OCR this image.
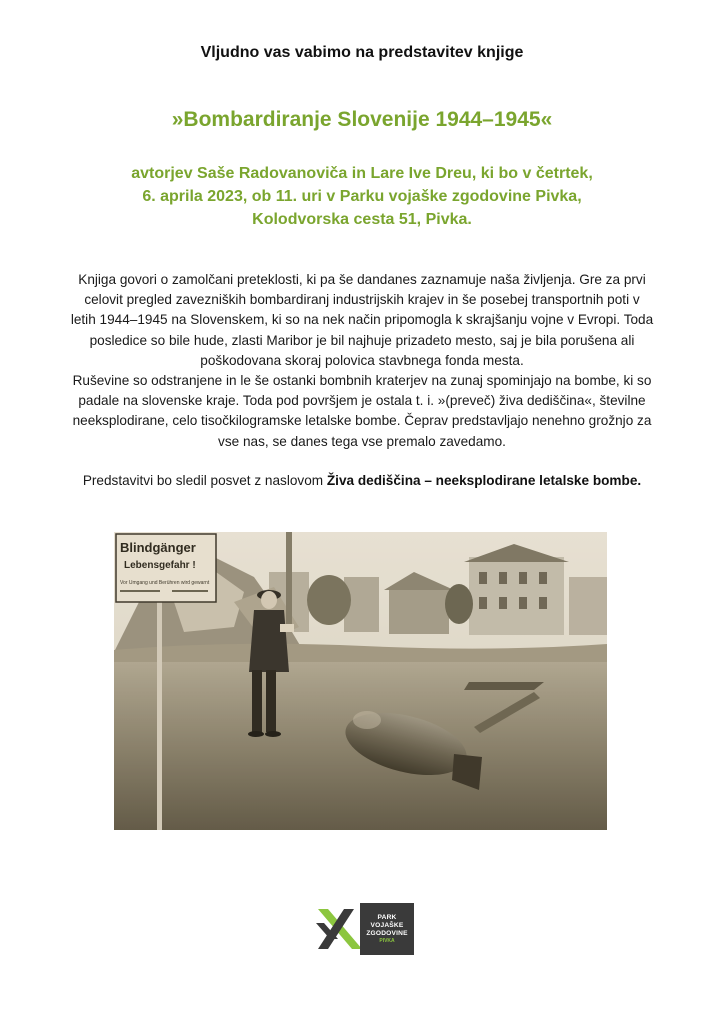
Vljudno vas vabimo na predstavitev knjige
»Bombardiranje Slovenije 1944–1945«
avtorjev Saše Radovanoviča in Lare Ive Dreu, ki bo v četrtek,
6. aprila 2023, ob 11. uri v Parku vojaške zgodovine Pivka,
Kolodvorska cesta 51, Pivka.
Knjiga govori o zamolčani preteklosti, ki pa še dandanes zaznamuje naša življenja. Gre za prvi
celovit pregled zavezniških bombardiranj industrijskih krajev in še posebej transportnih poti v
letih 1944–1945 na Slovenskem, ki so na nek način pripomogla k skrajšanju vojne v Evropi. Toda
posledice so bile hude, zlasti Maribor je bil najhuje prizadeto mesto, saj je bila porušena ali
poškodovana skoraj polovica stavbnega fonda mesta.
Ruševine so odstranjene in le še ostanki bombnih kraterjev na zunaj spominjajo na bombe, ki so
padale na slovenske kraje. Toda pod površjem je ostala t. i. »(preveč) živa dediščina«, številne
neeksplodirane, celo tisočkilogramske letalske bombe. Čeprav predstavljajo nenehno grožnjo za
vse nas, se danes tega vse premalo zavedamo.
Predstavitvi bo sledil posvet z naslovom Živa dediščina – neeksplodirane letalske bombe.
Blindgänger
Lebensgefahr !
Vor Umgang und Berühren wird gewarnt
PARK
VOJAŠKE
ZGODOVINE
PIVKA
